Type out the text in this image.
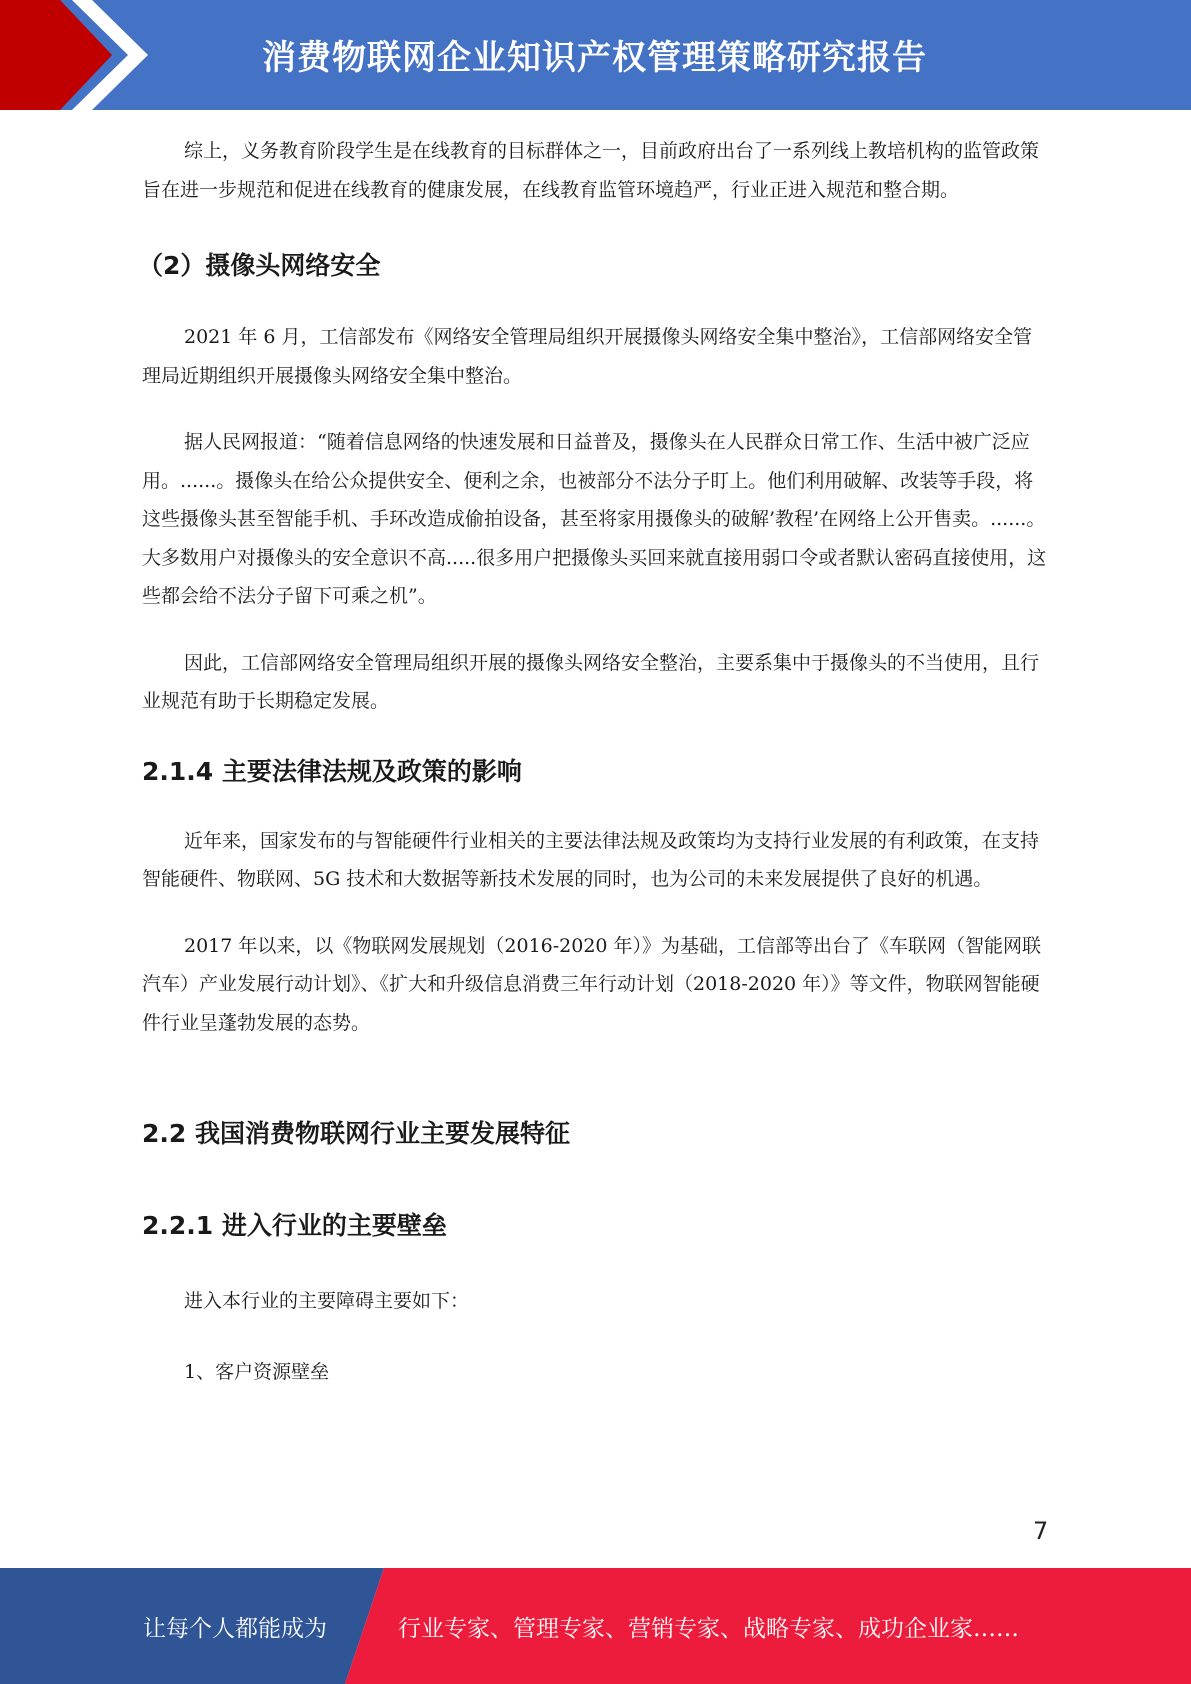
消费物联网企业知识产权管理策略研究报告

综上，义务教育阶段学生是在线教育的目标群体之一，目前政府出台了一系列线上教培机构的监管政策旨在进一步规范和促进在线教育的健康发展，在线教育监管环境趋严，行业正进入规范和整合期。

（2）摄像头网络安全

2021 年 6 月，工信部发布《网络安全管理局组织开展摄像头网络安全集中整治》，工信部网络安全管理局近期组织开展摄像头网络安全集中整治。

据人民网报道：“随着信息网络的快速发展和日益普及，摄像头在人民群众日常工作、生活中被广泛应用。......。摄像头在给公众提供安全、便利之余，也被部分不法分子盯上。他们利用破解、改装等手段，将这些摄像头甚至智能手机、手环改造成偷拍设备，甚至将家用摄像头的破解’教程’在网络上公开售卖。......。大多数用户对摄像头的安全意识不高.....很多用户把摄像头买回来就直接用弱口令或者默认密码直接使用，这些都会给不法分子留下可乘之机”。

因此，工信部网络安全管理局组织开展的摄像头网络安全整治，主要系集中于摄像头的不当使用，且行业规范有助于长期稳定发展。

2.1.4 主要法律法规及政策的影响

近年来，国家发布的与智能硬件行业相关的主要法律法规及政策均为支持行业发展的有利政策，在支持智能硬件、物联网、5G 技术和大数据等新技术发展的同时，也为公司的未来发展提供了良好的机遇。

2017 年以来，以《物联网发展规划（2016-2020 年）》为基础，工信部等出台了《车联网（智能网联汽车）产业发展行动计划》、《扩大和升级信息消费三年行动计划（2018-2020 年）》等文件，物联网智能硬件行业呈蓬勃发展的态势。

2.2 我国消费物联网行业主要发展特征
2.2.1 进入行业的主要壁垒

进入本行业的主要障碍主要如下：

1、客户资源壁垒

7
让每个人都能成为	行业专家、管理专家、营销专家、战略专家、成功企业家……
